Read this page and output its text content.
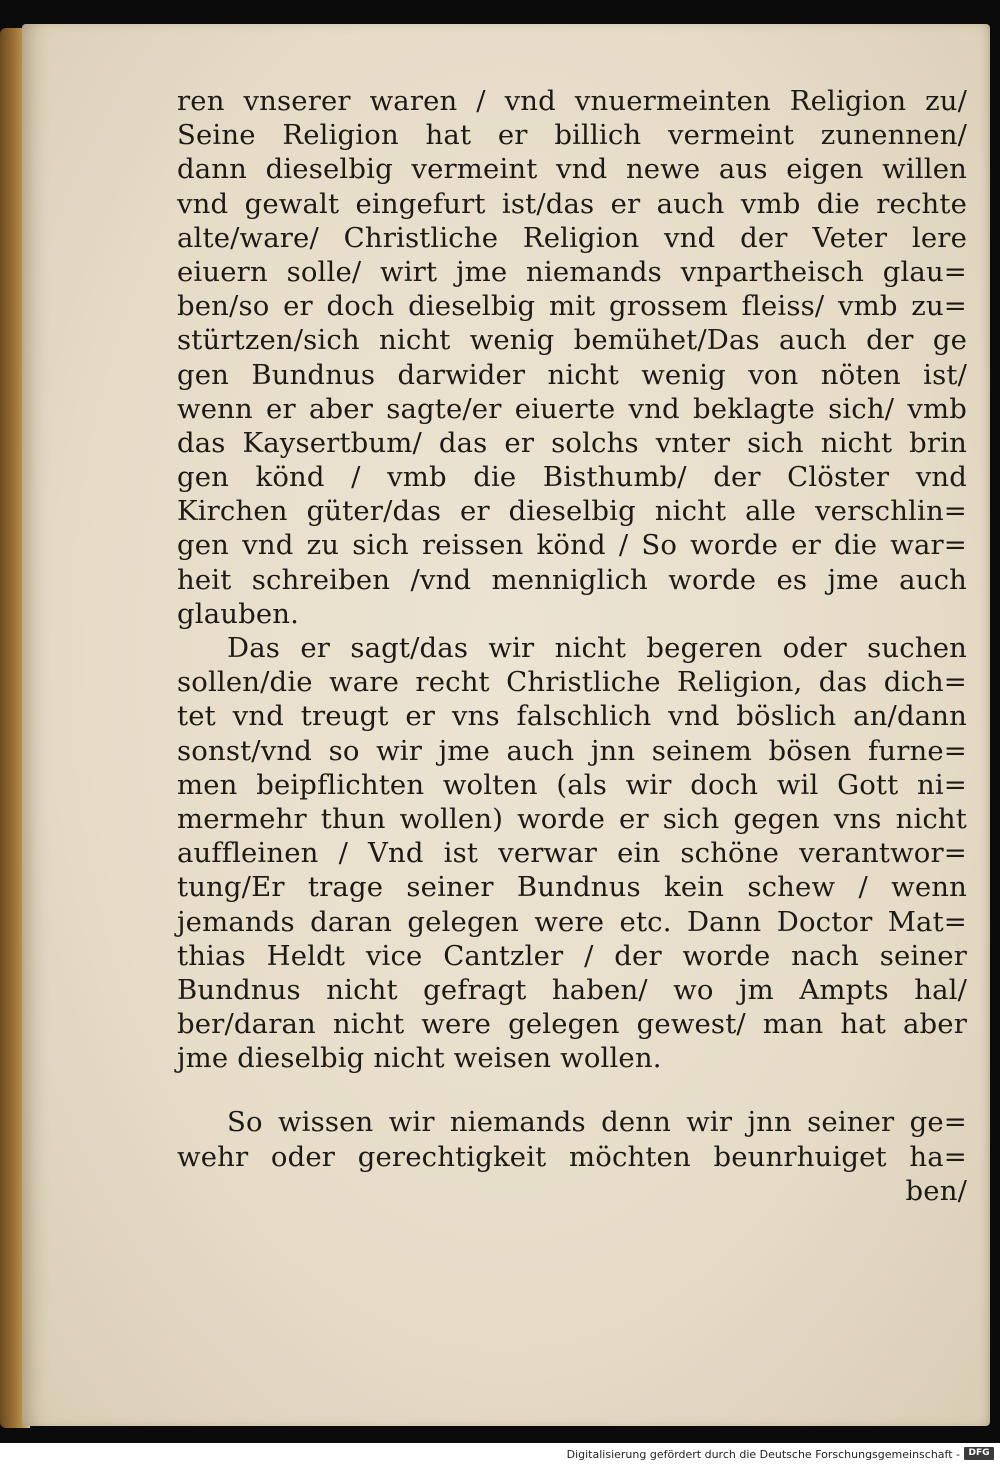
ren vnserer waren / vnd vnuermeinten Religion zu/
Seine Religion hat er billich vermeint zunennen/
dann dieselbig vermeint vnd newe aus eigen willen
vnd gewalt eingefurt ist/das er auch vmb die rechte
alte/ware/ Christliche Religion vnd der Veter lere
eiuern solle/ wirt jme niemands vnpartheisch glau=
ben/so er doch dieselbig mit grossem fleiss/ vmb zu=
stürtzen/sich nicht wenig bemühet/Das auch der ge
gen Bundnus darwider nicht wenig von nöten ist/
wenn er aber sagte/er eiuerte vnd beklagte sich/ vmb
das Kaysertbum/ das er solchs vnter sich nicht brin
gen könd / vmb die Bisthumb/ der Clöster vnd
Kirchen güter/das er dieselbig nicht alle verschlin=
gen vnd zu sich reissen könd / So worde er die war=
heit schreiben /vnd menniglich worde es jme auch
glauben.
Das er sagt/das wir nicht begeren oder suchen
sollen/die ware recht Christliche Religion, das dich=
tet vnd treugt er vns falschlich vnd böslich an/dann
sonst/vnd so wir jme auch jnn seinem bösen furne=
men beipflichten wolten (als wir doch wil Gott ni=
mermehr thun wollen) worde er sich gegen vns nicht
auffleinen / Vnd ist verwar ein schöne verantwor=
tung/Er trage seiner Bundnus kein schew / wenn
jemands daran gelegen were etc. Dann Doctor Mat=
thias Heldt vice Cantzler / der worde nach seiner
Bundnus nicht gefragt haben/ wo jm Ampts hal/
ber/daran nicht were gelegen gewest/ man hat aber
jme dieselbig nicht weisen wollen.
So wissen wir niemands denn wir jnn seiner ge=
wehr oder gerechtigkeit möchten beunrhuiget ha=
ben/
Digitalisierung gefördert durch die Deutsche Forschungsgemeinschaft - DFG
